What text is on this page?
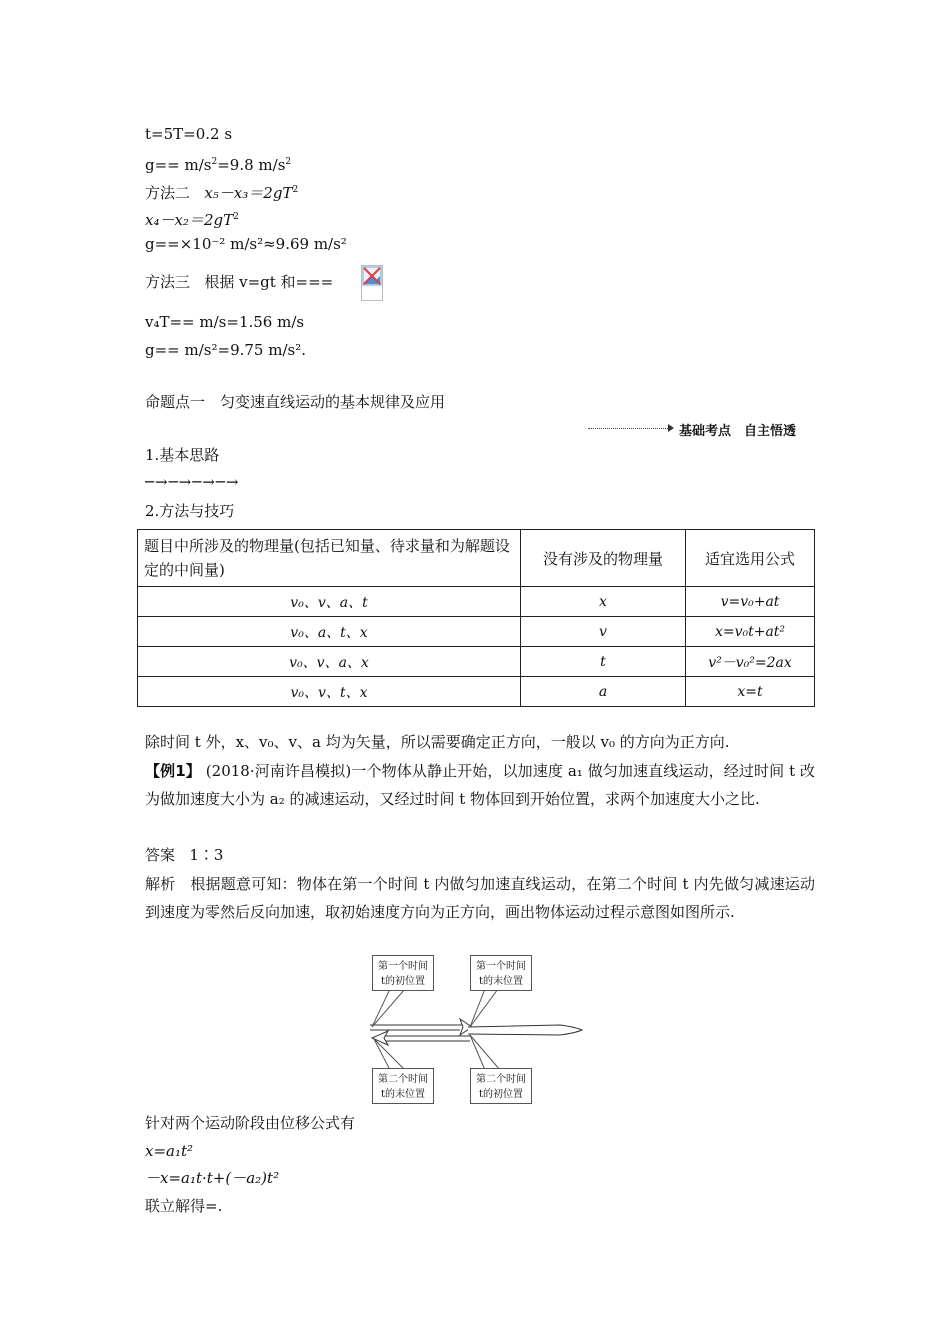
t=5T=0.2 s
$g== m/s^2=9.8$ $m/s^2$
方法二 $x_5-x_3=2gT^2$
$x_4-x_2=2gT^2$
g==×10⁻² m/s²≈9.69 m/s²
方法三 根据 v=gt 和===
v₄T== m/s=1.56 m/s
g== m/s²=9.75 m/s².
命题点一　匀变速直线运动的基本规律及应用
基础考点　自主悟透
1.基本思路
─→─→─→─→
2.方法与技巧
题目中所涉及的物理量(包括已知量、待求量和为解题设定的中间量)	没有涉及的物理量	适宜选用公式
v₀、v、a、t	x	v=v₀+at
v₀、a、t、x	v	x=v₀t+at²
v₀、v、a、x	t	v²－v₀²=2ax
v₀、v、t、x	a	x=t
除时间 t 外，x、v₀、v、a 均为矢量，所以需要确定正方向，一般以 v₀ 的方向为正方向.
【例1】 (2018·河南许昌模拟)一个物体从静止开始，以加速度 a₁ 做匀加速直线运动，经过时间 t 改为做加速度大小为 a₂ 的减速运动，又经过时间 t 物体回到开始位置，求两个加速度大小之比.
答案 1∶3
解析 根据题意可知：物体在第一个时间 t 内做匀加速直线运动，在第二个时间 t 内先做匀减速运动到速度为零然后反向加速，取初始速度方向为正方向，画出物体运动过程示意图如图所示.
第一个时间
t的初位置
第一个时间
t的末位置
第二个时间
t的末位置
第二个时间
t的初位置
针对两个运动阶段由位移公式有
x=a₁t²
－x=a₁t·t+(－a₂)t²
联立解得=.
